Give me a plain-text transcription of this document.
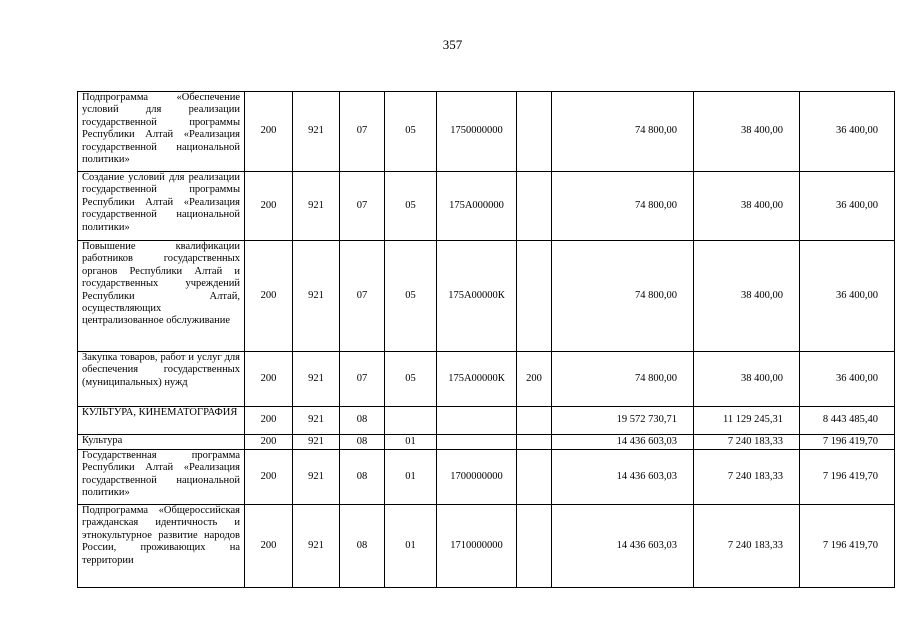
357
Подпрограмма «Обеспечение условий для реализации государственной программы Республики Алтай «Реализация государственной национальной политики»	200	921	07	05	1750000000		74 800,00	38 400,00	36 400,00
Создание условий для реализации государственной программы Республики Алтай «Реализация государственной национальной политики»	200	921	07	05	175А000000		74 800,00	38 400,00	36 400,00
Повышение квалификации работников государственных органов Республики Алтай и государственных учреждений Республики Алтай, осуществляющих централизованное обслуживание	200	921	07	05	175А00000К		74 800,00	38 400,00	36 400,00
Закупка товаров, работ и услуг для обеспечения государственных (муниципальных) нужд	200	921	07	05	175А00000К	200	74 800,00	38 400,00	36 400,00
КУЛЬТУРА, КИНЕМАТОГРАФИЯ	200	921	08				19 572 730,71	11 129 245,31	8 443 485,40
Культура	200	921	08	01			14 436 603,03	7 240 183,33	7 196 419,70
Государственная программа Республики Алтай «Реализация государственной национальной политики»	200	921	08	01	1700000000		14 436 603,03	7 240 183,33	7 196 419,70
Подпрограмма «Общероссийская гражданская идентичность и этнокультурное развитие народов России, проживающих на территории	200	921	08	01	1710000000		14 436 603,03	7 240 183,33	7 196 419,70
